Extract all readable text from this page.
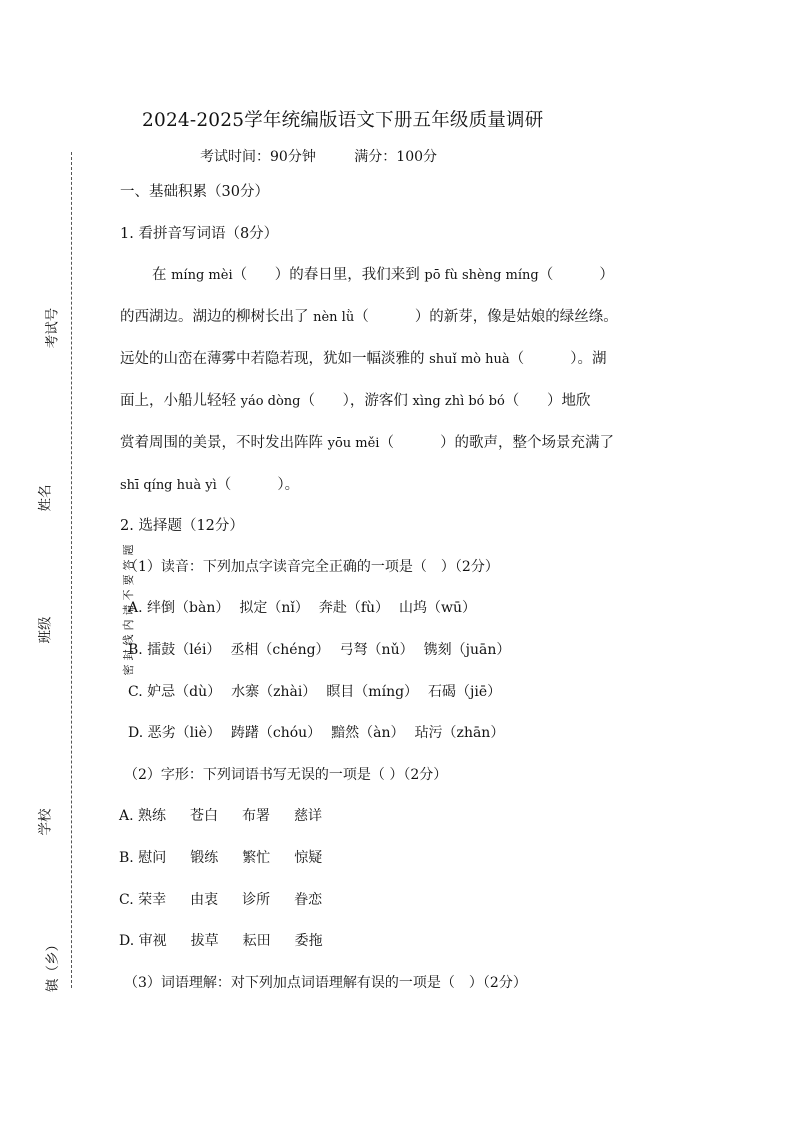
考试号
姓名
班级
学校
镇（乡）
密封线内请不要答题
2024-2025学年统编版语文下册五年级质量调研
考试时间：90分钟	满分：100分
一、基础积累（30分）
1. 看拼音写词语（8分）
在 míng mèi（ ）的春日里，我们来到 pō fù shèng míng（	）
的西湖边。湖边的柳树长出了 nèn lǜ（	）的新芽，像是姑娘的绿丝绦。
远处的山峦在薄雾中若隐若现，犹如一幅淡雅的 shuǐ mò huà（	）。湖
面上，小船儿轻轻 yáo dòng（ ），游客们 xìng zhì bó bó（ ）地欣
赏着周围的美景，不时发出阵阵 yōu měi（	）的歌声，整个场景充满了
shī qíng huà yì（	）。
2. 选择题（12分）
（1）读音：下列加点字读音完全正确的一项是（　）（2分）
A. 绊倒（bàn） 拟定（nǐ） 奔赴（fù） 山坞（wū）
B. 擂鼓（léi） 丞相（chéng） 弓弩（nǔ） 镌刻（juān）
C. 妒忌（dù） 水寨（zhài） 瞑目（míng） 石碣（jiē）
D. 恶劣（liè） 踌躇（chóu） 黯然（àn） 玷污（zhān）
（2）字形：下列词语书写无误的一项是（ ）（2分）
A. 熟练 苍白 布署 慈详
B. 慰问 锻练 繁忙 惊疑
C. 荣幸 由衷 诊所 眷恋
D. 审视 拔草 耘田 委拖
（3）词语理解：对下列加点词语理解有误的一项是（　）（2分）
